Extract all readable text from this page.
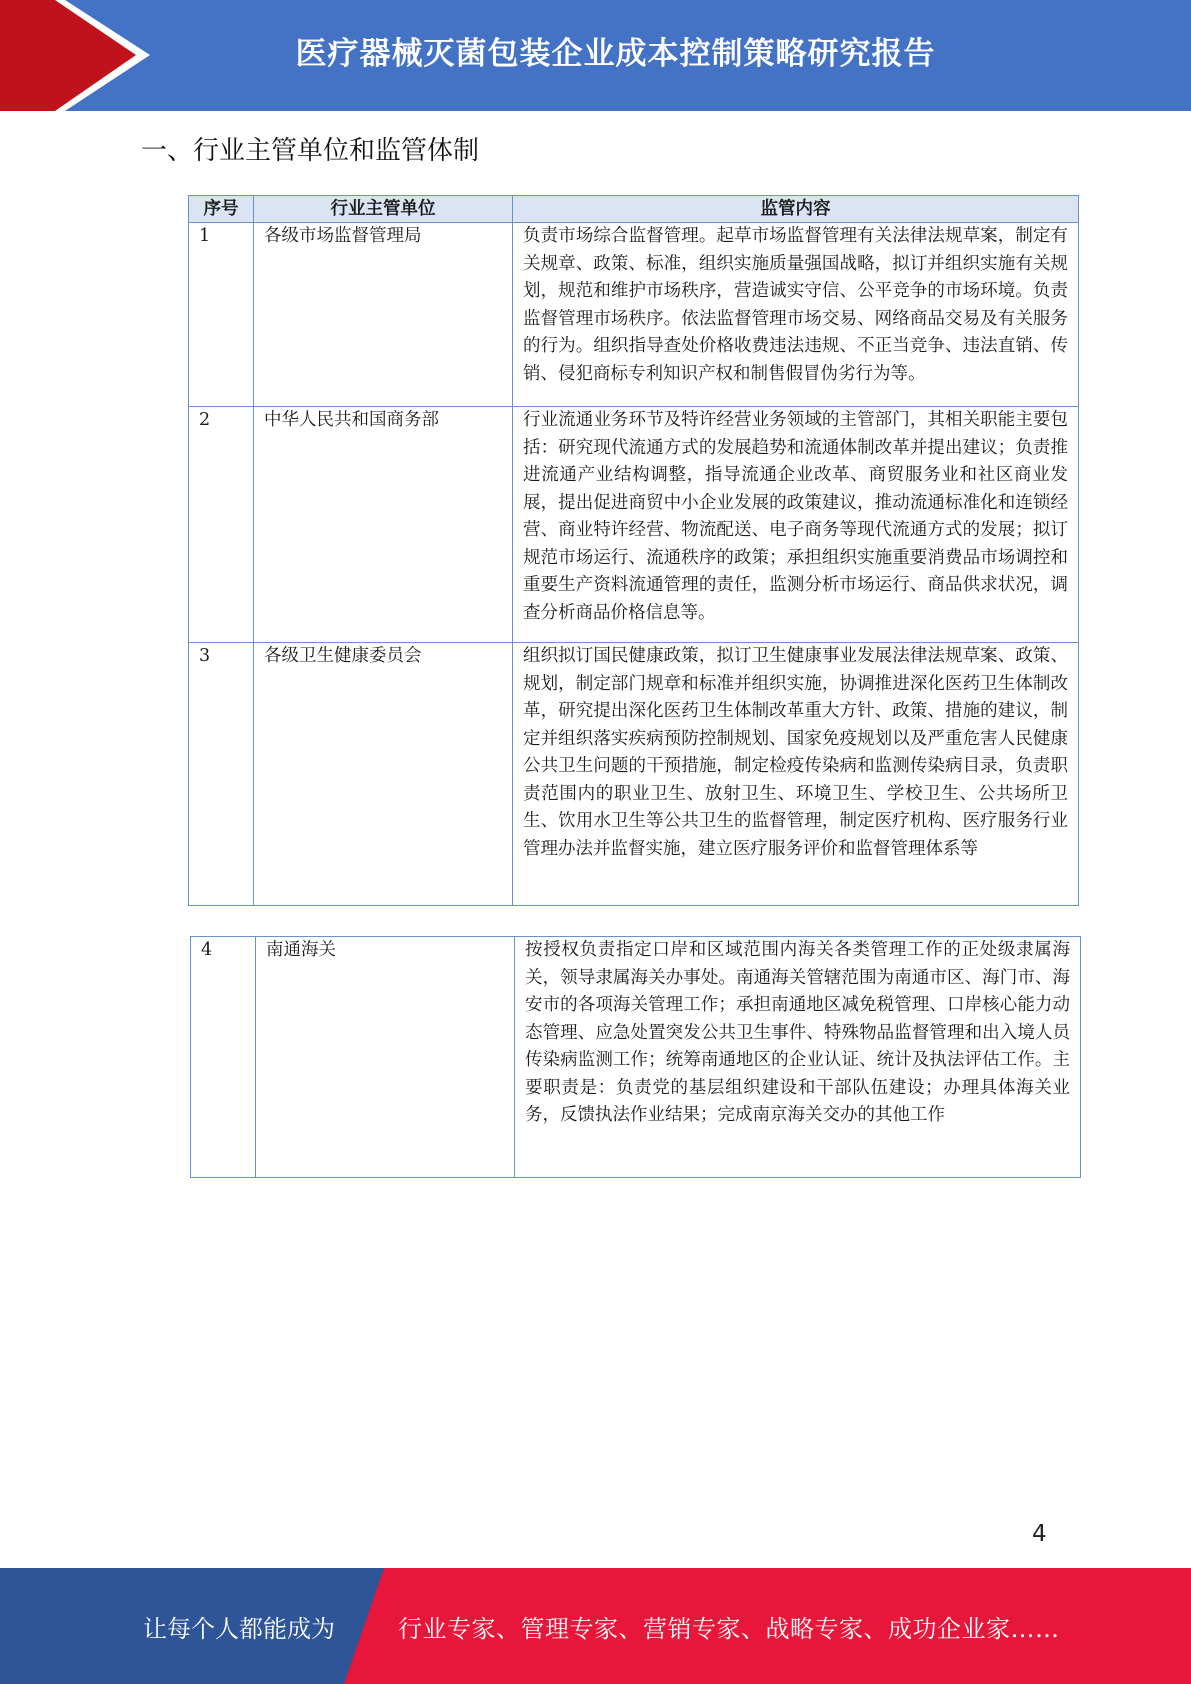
医疗器械灭菌包装企业成本控制策略研究报告
一、行业主管单位和监管体制
序号	行业主管单位	监管内容
1	各级市场监督管理局	负责市场综合监督管理。起草市场监督管理有关法律法规草案，制定有关规章、政策、标准，组织实施质量强国战略，拟订并组织实施有关规划，规范和维护市场秩序，营造诚实守信、公平竞争的市场环境。负责监督管理市场秩序。依法监督管理市场交易、网络商品交易及有关服务的行为。组织指导查处价格收费违法违规、不正当竞争、违法直销、传销、侵犯商标专利知识产权和制售假冒伪劣行为等。
2	中华人民共和国商务部	行业流通业务环节及特许经营业务领域的主管部门，其相关职能主要包括：研究现代流通方式的发展趋势和流通体制改革并提出建议；负责推进流通产业结构调整，指导流通企业改革、商贸服务业和社区商业发展，提出促进商贸中小企业发展的政策建议，推动流通标准化和连锁经营、商业特许经营、物流配送、电子商务等现代流通方式的发展；拟订规范市场运行、流通秩序的政策；承担组织实施重要消费品市场调控和重要生产资料流通管理的责任，监测分析市场运行、商品供求状况，调查分析商品价格信息等。
3	各级卫生健康委员会	组织拟订国民健康政策，拟订卫生健康事业发展法律法规草案、政策、规划，制定部门规章和标准并组织实施，协调推进深化医药卫生体制改革，研究提出深化医药卫生体制改革重大方针、政策、措施的建议，制定并组织落实疾病预防控制规划、国家免疫规划以及严重危害人民健康公共卫生问题的干预措施，制定检疫传染病和监测传染病目录，负责职责范围内的职业卫生、放射卫生、环境卫生、学校卫生、公共场所卫生、饮用水卫生等公共卫生的监督管理，制定医疗机构、医疗服务行业管理办法并监督实施，建立医疗服务评价和监督管理体系等
4	南通海关	按授权负责指定口岸和区域范围内海关各类管理工作的正处级隶属海关，领导隶属海关办事处。南通海关管辖范围为南通市区、海门市、海安市的各项海关管理工作；承担南通地区减免税管理、口岸核心能力动态管理、应急处置突发公共卫生事件、特殊物品监督管理和出入境人员传染病监测工作；统筹南通地区的企业认证、统计及执法评估工作。主要职责是：负责党的基层组织建设和干部队伍建设；办理具体海关业务，反馈执法作业结果；完成南京海关交办的其他工作
4
让每个人都能成为	行业专家、管理专家、营销专家、战略专家、成功企业家……
